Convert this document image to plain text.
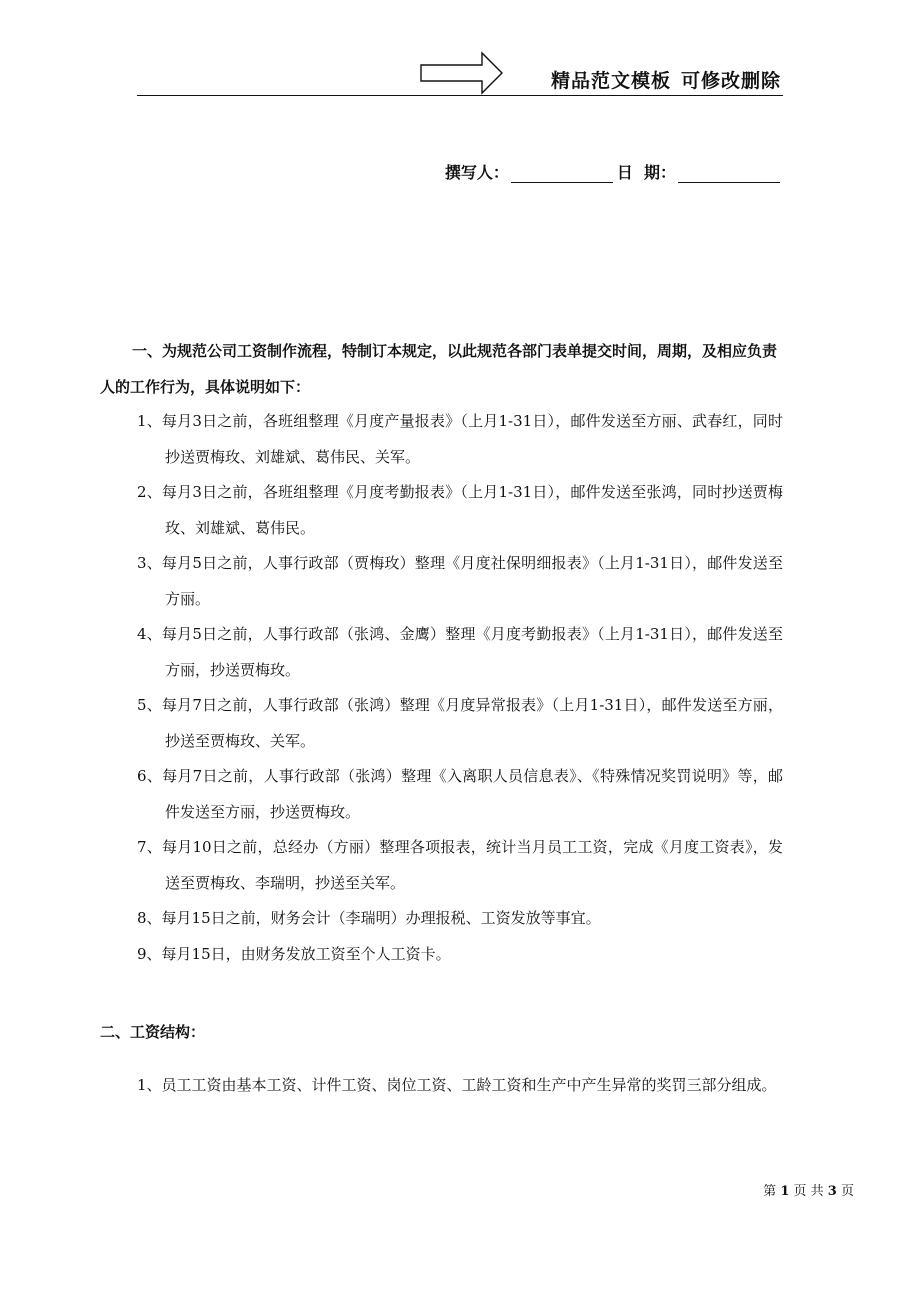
精品范文模板 可修改删除
撰写人：	日  期：
一、为规范公司工资制作流程，特制订本规定，以此规范各部门表单提交时间，周期，及相应负责人的工作行为，具体说明如下：
1、每月3日之前，各班组整理《月度产量报表》（上月1-31日），邮件发送至方丽、武春红，同时抄送贾梅玫、刘雄斌、葛伟民、关军。
2、每月3日之前，各班组整理《月度考勤报表》（上月1-31日），邮件发送至张鸿，同时抄送贾梅玫、刘雄斌、葛伟民。
3、每月5日之前，人事行政部（贾梅玫）整理《月度社保明细报表》（上月1-31日），邮件发送至方丽。
4、每月5日之前，人事行政部（张鸿、金鹰）整理《月度考勤报表》（上月1-31日），邮件发送至方丽，抄送贾梅玫。
5、每月7日之前，人事行政部（张鸿）整理《月度异常报表》（上月1-31日），邮件发送至方丽，抄送至贾梅玫、关军。
6、每月7日之前，人事行政部（张鸿）整理《入离职人员信息表》、《特殊情况奖罚说明》等，邮件发送至方丽，抄送贾梅玫。
7、每月10日之前，总经办（方丽）整理各项报表，统计当月员工工资，完成《月度工资表》，发送至贾梅玫、李瑞明，抄送至关军。
8、每月15日之前，财务会计（李瑞明）办理报税、工资发放等事宜。
9、每月15日，由财务发放工资至个人工资卡。
二、工资结构：
1、员工工资由基本工资、计件工资、岗位工资、工龄工资和生产中产生异常的奖罚三部分组成。
第 1 页 共 3 页
